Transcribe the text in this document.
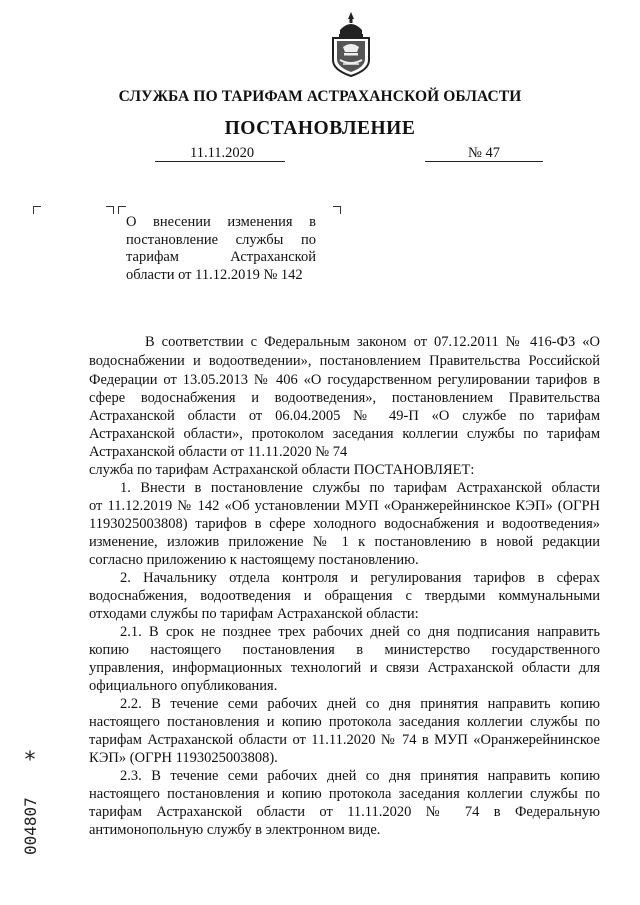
СЛУЖБА ПО ТАРИФАМ АСТРАХАНСКОЙ ОБЛАСТИ
ПОСТАНОВЛЕНИЕ
11.11.2020	№ 47
О внесении изменения в
постановление службы по
тарифам Астраханской
области от 11.12.2019 № 142
В соответствии с Федеральным законом от 07.12.2011 № 416-ФЗ «О
водоснабжении и водоотведении», постановлением Правительства Российской
Федерации от 13.05.2013 № 406 «О государственном регулировании тарифов в
сфере водоснабжения и водоотведения», постановлением Правительства
Астраханской области от 06.04.2005 № 49-П «О службе по тарифам
Астраханской области», протоколом заседания коллегии службы по тарифам
Астраханской области от 11.11.2020 № 74
служба по тарифам Астраханской области ПОСТАНОВЛЯЕТ:
1. Внести в постановление службы по тарифам Астраханской области
от 11.12.2019 № 142 «Об установлении МУП «Оранжерейнинское КЭП» (ОГРН
1193025003808) тарифов в сфере холодного водоснабжения и водоотведения»
изменение, изложив приложение № 1 к постановлению в новой редакции
согласно приложению к настоящему постановлению.
2. Начальнику отдела контроля и регулирования тарифов в сферах
водоснабжения, водоотведения и обращения с твердыми коммунальными
отходами службы по тарифам Астраханской области:
2.1. В срок не позднее трех рабочих дней со дня подписания направить
копию настоящего постановления в министерство государственного
управления, информационных технологий и связи Астраханской области для
официального опубликования.
2.2. В течение семи рабочих дней со дня принятия направить копию
настоящего постановления и копию протокола заседания коллегии службы по
тарифам Астраханской области от 11.11.2020 № 74 в МУП «Оранжерейнинское
КЭП» (ОГРН 1193025003808).
2.3. В течение семи рабочих дней со дня принятия направить копию
настоящего постановления и копию протокола заседания коллегии службы по
тарифам Астраханской области от 11.11.2020 № 74 в Федеральную
антимонопольную службу в электронном виде.
*
004807
